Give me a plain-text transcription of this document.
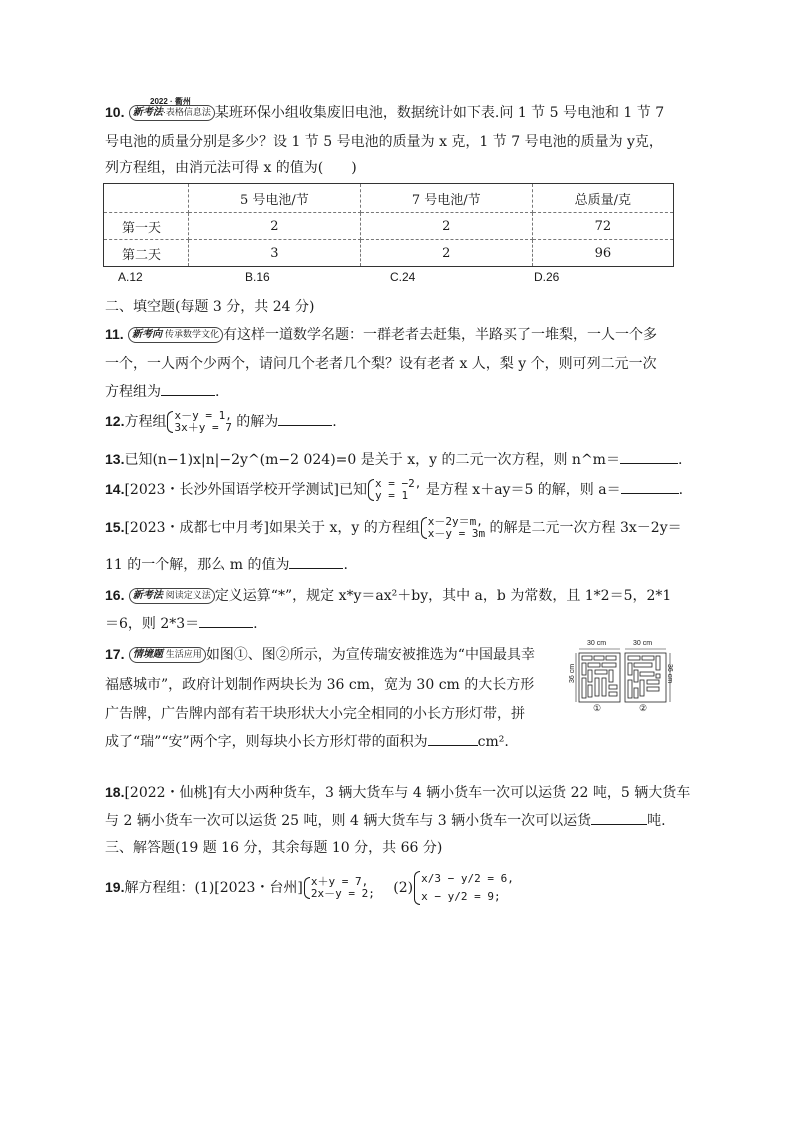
10. 新考法·表格信息法 某班环保小组收集废旧电池，数据统计如下表.问 1 节 5 号电池和 1 节 7
2022 · 衢州
号电池的质量分别是多少？设 1 节 5 号电池的质量为 x 克，1 节 7 号电池的质量为 y克，
列方程组，由消元法可得 x 的值为(　　)
	5 号电池/节	7 号电池/节	总质量/克
第一天	2	2	72
第二天	3	2	96
A.12	B.16	C.24	D.26
二、填空题(每题 3 分，共 24 分)
11. 新考向 传承数学文化 有这样一道数学名题：一群老者去赶集，半路买了一堆梨，一人一个多
一个，一人两个少两个，请问几个老者几个梨？设有老者 x 人，梨 y 个，则可列二元一次
方程组为	.
12.方程组 x－y = 1,
3x＋y = 7 的解为	.
13.已知(n−1)x|n|−2y^(m−2 024)=0 是关于 x，y 的二元一次方程，则 n^m＝	.
14.[2023・长沙外国语学校开学测试]已知 x = −2,
y = 1	是方程 x＋ay＝5 的解，则 a＝	.
15.[2023・成都七中月考]如果关于 x，y 的方程组 x－2y＝m,
x－y = 3m 的解是二元一次方程 3x－2y＝
11 的一个解，那么 m 的值为	.
16. 新考法 阅读定义法 定义运算“*”，规定 x*y＝ax²＋by，其中 a，b 为常数，且 1*2＝5，2*1
＝6，则 2*3＝	.
17. 情境题 生活应用 如图①、图②所示，为宣传瑞安被推选为“中国最具幸
福感城市”，政府计划制作两块长为 36 cm，宽为 30 cm 的大长方形
广告牌，广告牌内部有若干块形状大小完全相同的小长方形灯带，拼
成了“瑞”“安”两个字，则每块小长方形灯带的面积为	cm².
30 cm	30 cm
36 cm	36 cm
①	②
18.[2022・仙桃]有大小两种货车，3 辆大货车与 4 辆小货车一次可以运货 22 吨，5 辆大货车
与 2 辆小货车一次可以运货 25 吨，则 4 辆大货车与 3 辆小货车一次可以运货	吨.
三、解答题(19 题 16 分，其余每题 10 分，共 66 分)
19.解方程组：(1)[2023・台州] x＋y = 7,
2x－y = 2; (2)
x/3 − y/2 = 6,
x − y/2 = 9;
